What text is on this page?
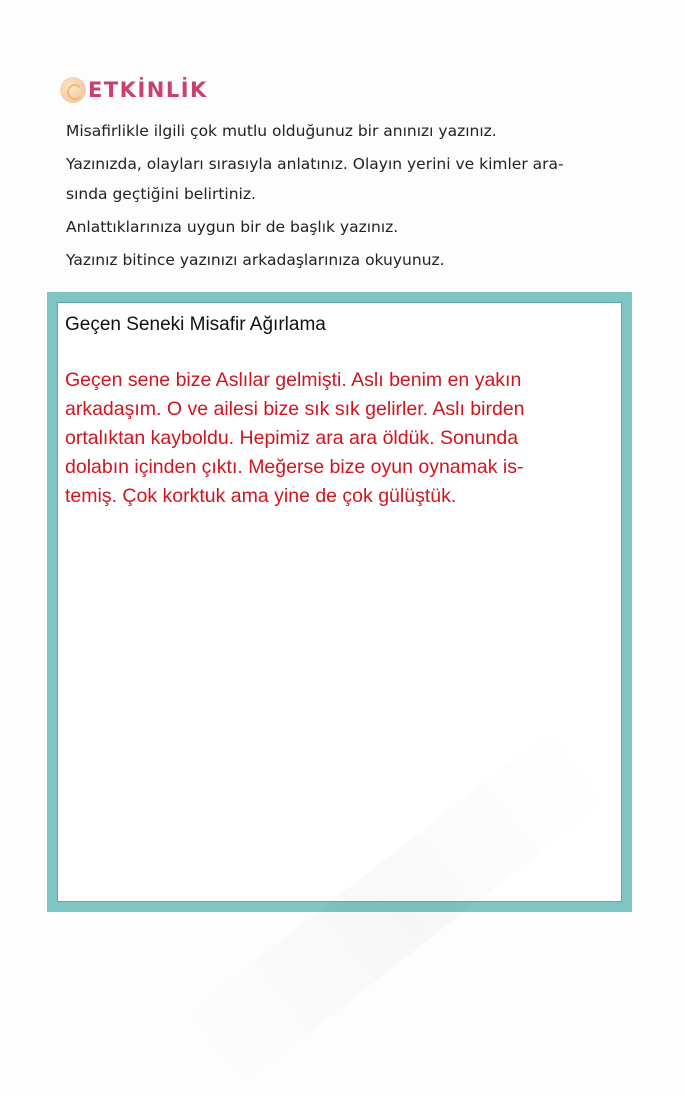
ETKİNLİK

Misafirlikle ilgili çok mutlu olduğunuz bir anınızı yazınız.

Yazınızda, olayları sırasıyla anlatınız. Olayın yerini ve kimler ara-

sında geçtiğini belirtiniz.

Anlattıklarınıza uygun bir de başlık yazınız.

Yazınız bitince yazınızı arkadaşlarınıza okuyunuz.

Geçen Seneki Misafir Ağırlama
Geçen sene bize Aslılar gelmişti. Aslı benim en yakın
arkadaşım. O ve ailesi bize sık sık gelirler. Aslı birden
ortalıktan kayboldu. Hepimiz ara ara öldük. Sonunda
dolabın içinden çıktı. Meğerse bize oyun oynamak is-
temiş. Çok korktuk ama yine de çok gülüştük.
